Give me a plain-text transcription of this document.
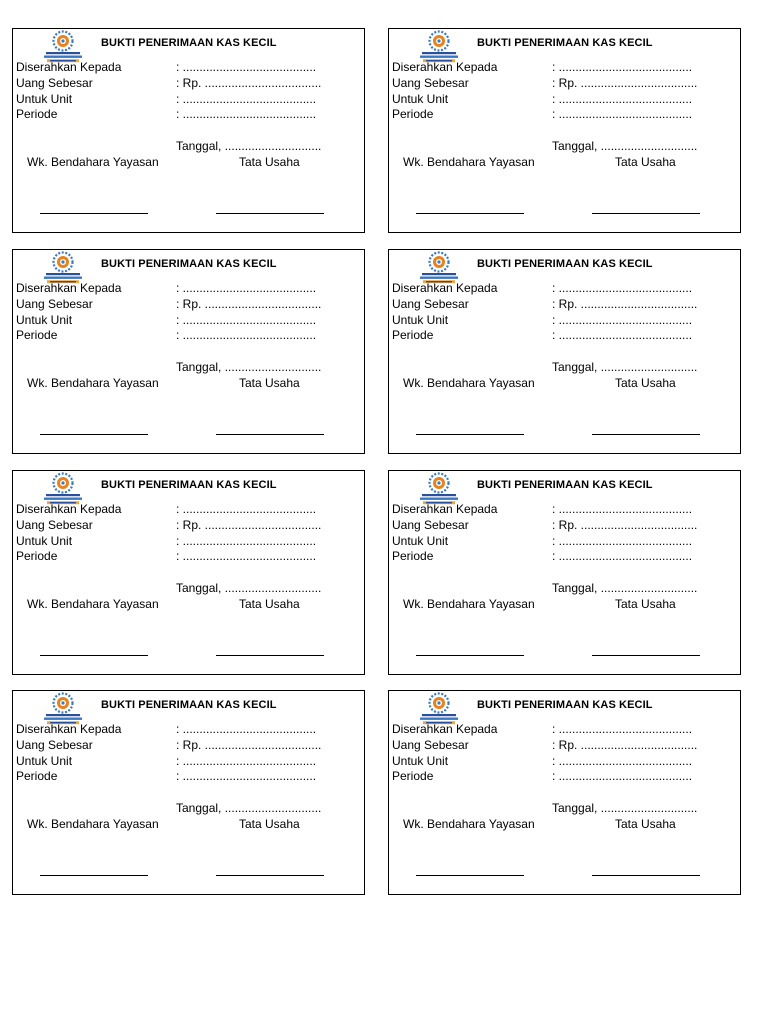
BUKTI PENERIMAAN KAS KECIL
Diserahkan Kepada	: ........................................
Uang Sebesar	: Rp. ...................................
Untuk Unit	: ........................................
Periode	: ........................................
Tanggal, .............................
Wk. Bendahara Yayasan	Tata Usaha
BUKTI PENERIMAAN KAS KECIL
Diserahkan Kepada	: ........................................
Uang Sebesar	: Rp. ...................................
Untuk Unit	: ........................................
Periode	: ........................................
Tanggal, .............................
Wk. Bendahara Yayasan	Tata Usaha
BUKTI PENERIMAAN KAS KECIL
Diserahkan Kepada	: ........................................
Uang Sebesar	: Rp. ...................................
Untuk Unit	: ........................................
Periode	: ........................................
Tanggal, .............................
Wk. Bendahara Yayasan	Tata Usaha
BUKTI PENERIMAAN KAS KECIL
Diserahkan Kepada	: ........................................
Uang Sebesar	: Rp. ...................................
Untuk Unit	: ........................................
Periode	: ........................................
Tanggal, .............................
Wk. Bendahara Yayasan	Tata Usaha
BUKTI PENERIMAAN KAS KECIL
Diserahkan Kepada	: ........................................
Uang Sebesar	: Rp. ...................................
Untuk Unit	: ........................................
Periode	: ........................................
Tanggal, .............................
Wk. Bendahara Yayasan	Tata Usaha
BUKTI PENERIMAAN KAS KECIL
Diserahkan Kepada	: ........................................
Uang Sebesar	: Rp. ...................................
Untuk Unit	: ........................................
Periode	: ........................................
Tanggal, .............................
Wk. Bendahara Yayasan	Tata Usaha
BUKTI PENERIMAAN KAS KECIL
Diserahkan Kepada	: ........................................
Uang Sebesar	: Rp. ...................................
Untuk Unit	: ........................................
Periode	: ........................................
Tanggal, .............................
Wk. Bendahara Yayasan	Tata Usaha
BUKTI PENERIMAAN KAS KECIL
Diserahkan Kepada	: ........................................
Uang Sebesar	: Rp. ...................................
Untuk Unit	: ........................................
Periode	: ........................................
Tanggal, .............................
Wk. Bendahara Yayasan	Tata Usaha
